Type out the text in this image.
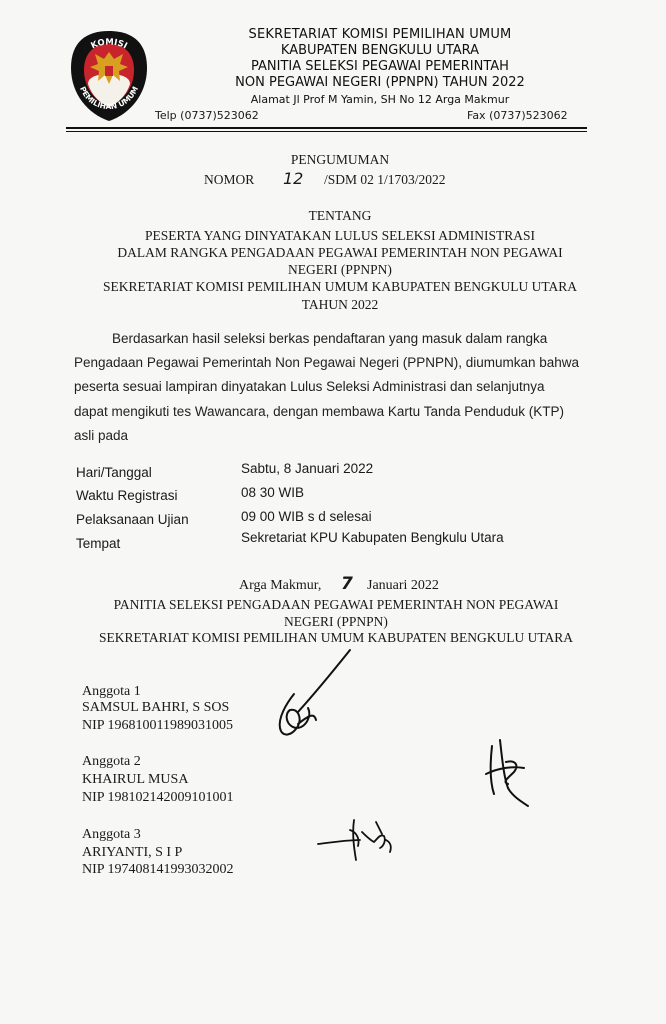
KOMISI
PEMILIHAN UMUM
SEKRETARIAT KOMISI PEMILIHAN UMUM
KABUPATEN BENGKULU UTARA
PANITIA SELEKSI PEGAWAI PEMERINTAH
NON PEGAWAI NEGERI (PPNPN) TAHUN 2022
Alamat Jl Prof M Yamin, SH No 12 Arga Makmur
Telp (0737)523062	Fax (0737)523062
PENGUMUMAN
NOMOR 12 /SDM 02 1/1703/2022
TENTANG
PESERTA YANG DINYATAKAN LULUS SELEKSI ADMINISTRASI
DALAM RANGKA PENGADAAN PEGAWAI PEMERINTAH NON PEGAWAI
NEGERI (PPNPN)
SEKRETARIAT KOMISI PEMILIHAN UMUM KABUPATEN BENGKULU UTARA
TAHUN 2022
Berdasarkan hasil seleksi berkas pendaftaran yang masuk dalam rangka
Pengadaan Pegawai Pemerintah Non Pegawai Negeri (PPNPN), diumumkan bahwa
peserta sesuai lampiran dinyatakan Lulus Seleksi Administrasi dan selanjutnya
dapat mengikuti tes Wawancara, dengan membawa Kartu Tanda Penduduk (KTP)
asli pada
Hari/Tanggal	Sabtu, 8 Januari 2022
Waktu Registrasi	08 30 WIB
Pelaksanaan Ujian	09 00 WIB s d selesai
Tempat	Sekretariat KPU Kabupaten Bengkulu Utara
Arga Makmur, 7 Januari 2022
PANITIA SELEKSI PENGADAAN PEGAWAI PEMERINTAH NON PEGAWAI
NEGERI (PPNPN)
SEKRETARIAT KOMISI PEMILIHAN UMUM KABUPATEN BENGKULU UTARA
Anggota 1
SAMSUL BAHRI, S SOS
NIP 196810011989031005
Anggota 2
KHAIRUL MUSA
NIP 198102142009101001
Anggota 3
ARIYANTI, S I P
NIP 197408141993032002
